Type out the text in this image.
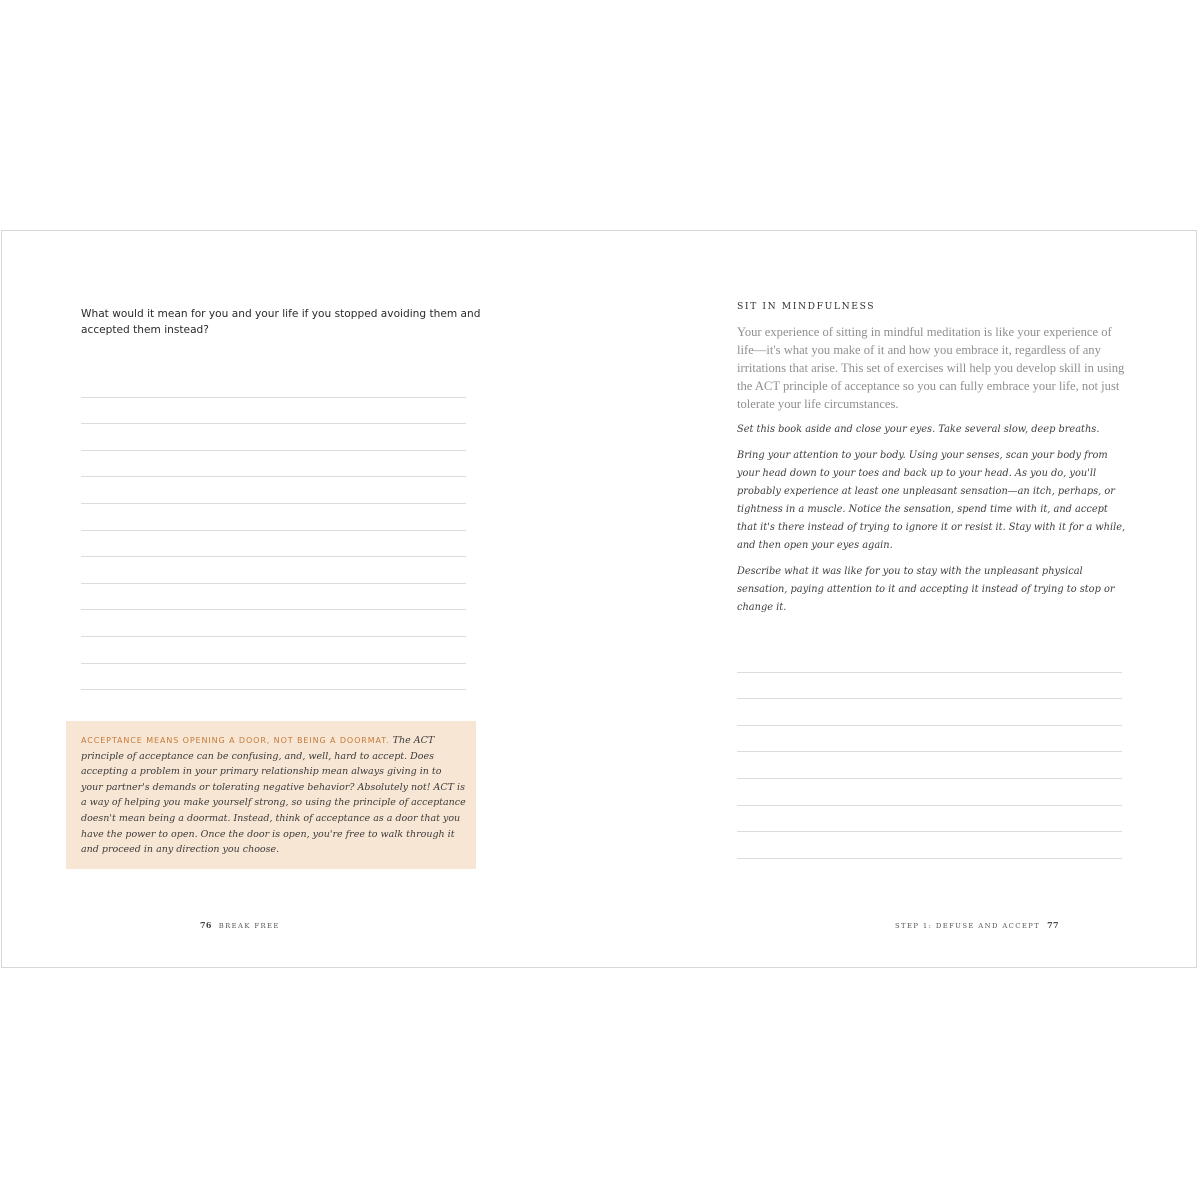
What would it mean for you and your life if you stopped avoiding them and accepted them instead?

ACCEPTANCE MEANS OPENING A DOOR, NOT BEING A DOORMAT. The ACT principle of acceptance can be confusing, and, well, hard to accept. Does accepting a problem in your primary relationship mean always giving in to your partner's demands or tolerating negative behavior? Absolutely not! ACT is a way of helping you make yourself strong, so using the principle of acceptance doesn't mean being a doormat. Instead, think of acceptance as a door that you have the power to open. Once the door is open, you're free to walk through it and proceed in any direction you choose.

76 BREAK FREE
SIT IN MINDFULNESS

Your experience of sitting in mindful meditation is like your experience of life—it's what you make of it and how you embrace it, regardless of any irritations that arise. This set of exercises will help you develop skill in using the ACT principle of acceptance so you can fully embrace your life, not just tolerate your life circumstances.

Set this book aside and close your eyes. Take several slow, deep breaths.

Bring your attention to your body. Using your senses, scan your body from your head down to your toes and back up to your head. As you do, you'll probably experience at least one unpleasant sensation—an itch, perhaps, or tightness in a muscle. Notice the sensation, spend time with it, and accept that it's there instead of trying to ignore it or resist it. Stay with it for a while, and then open your eyes again.

Describe what it was like for you to stay with the unpleasant physical sensation, paying attention to it and accepting it instead of trying to stop or change it.

STEP 1: DEFUSE AND ACCEPT 77
